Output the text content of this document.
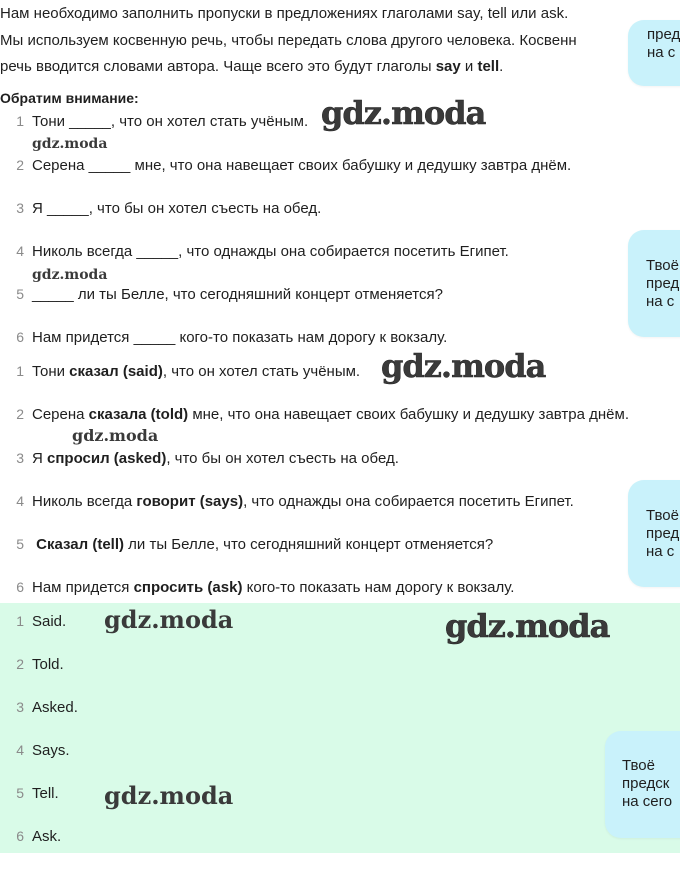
Нам необходимо заполнить пропуски в предложениях глаголами say, tell или ask.
Мы используем косвенную речь, чтобы передать слова другого человека. Косвенн
речь вводится словами автора. Чаще всего это будут глаголы say и tell.
Обратим внимание:
1 Тони _____, что он хотел стать учёным.
2 Серена _____ мне, что она навещает своих бабушку и дедушку завтра днём.
3 Я _____, что бы он хотел съесть на обед.
4 Николь всегда _____, что однажды она собирается посетить Египет.
5 _____ ли ты Белле, что сегодняшний концерт отменяется?
6 Нам придется _____ кого-то показать нам дорогу к вокзалу.
1 Тони сказал (said), что он хотел стать учёным.
2 Серена сказала (told) мне, что она навещает своих бабушку и дедушку завтра днём.
3 Я спросил (asked), что бы он хотел съесть на обед.
4 Николь всегда говорит (says), что однажды она собирается посетить Египет.
5 Сказал (tell) ли ты Белле, что сегодняшний концерт отменяется?
6 Нам придется спросить (ask) кого-то показать нам дорогу к вокзалу.
1 Said.
2 Told.
3 Asked.
4 Says.
5 Tell.
6 Ask.
gdz.moda
gdz.moda
gdz.moda
gdz.moda
gdz.moda
gdz.moda	gdz.moda
gdz.moda
пред
на с
Твоё
пред
на с
Твоё
пред
на с
Твоё
предск
на сего
